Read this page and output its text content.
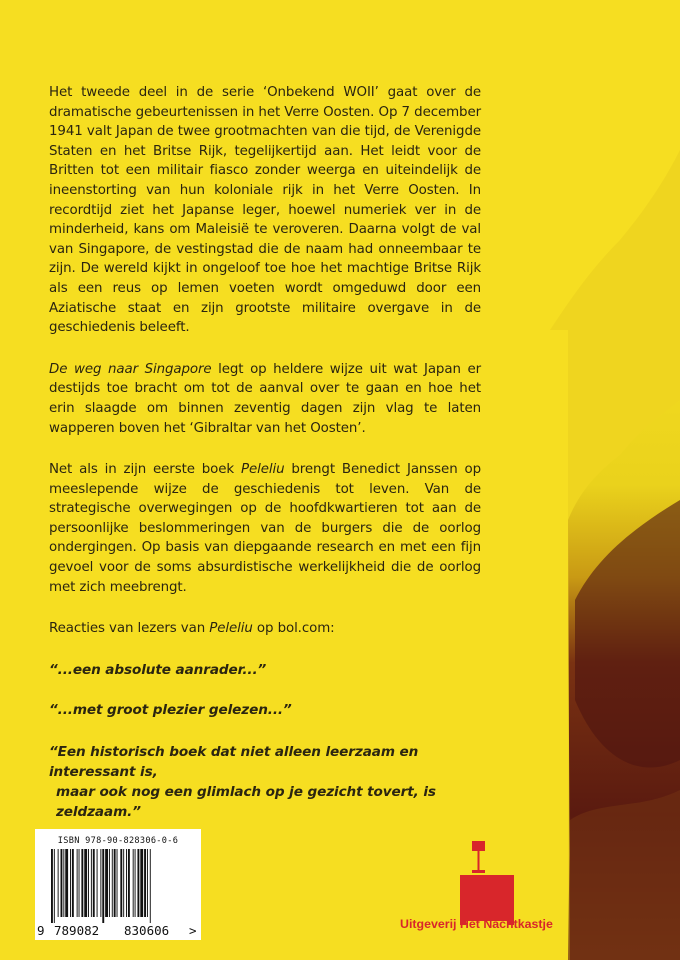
Het tweede deel in de serie ‘Onbekend WOII’ gaat over de dramatische gebeurtenissen in het Verre Oosten. Op 7 december 1941 valt Japan de twee grootmachten van die tijd, de Verenigde Staten en het Britse Rijk, tegelijkertijd aan. Het leidt voor de Britten tot een militair fiasco zonder weerga en uiteindelijk de ineenstorting van hun koloniale rijk in het Verre Oosten. In recordtijd ziet het Japanse leger, hoewel numeriek ver in de minderheid, kans om Maleisië te veroveren. Daarna volgt de val van Singapore, de vestingstad die de naam had onneembaar te zijn. De wereld kijkt in ongeloof toe hoe het machtige Britse Rijk als een reus op lemen voeten wordt omgeduwd door een Aziatische staat en zijn grootste militaire overgave in de geschiedenis beleeft.

De weg naar Singapore legt op heldere wijze uit wat Japan er destijds toe bracht om tot de aanval over te gaan en hoe het erin slaagde om binnen zeventig dagen zijn vlag te laten wapperen boven het ‘Gibraltar van het Oosten’.

Net als in zijn eerste boek Peleliu brengt Benedict Janssen op meeslepende wijze de geschiedenis tot leven. Van de strategische overwegingen op de hoofdkwartieren tot aan de persoonlijke beslommeringen van de burgers die de oorlog ondergingen. Op basis van diepgaande research en met een fijn gevoel voor de soms absurdistische werkelijkheid die de oorlog met zich meebrengt.

Reacties van lezers van Peleliu op bol.com:

“...een absolute aanrader...”

“...met groot plezier gelezen...”

“Een historisch boek dat niet alleen leerzaam en interessant is,
maar ook nog een glimlach op je gezicht tovert, is zeldzaam.”

ISBN 978-90-828306-0-6
9 789082 830606 >	Uitgeverij Het Nachtkastje
